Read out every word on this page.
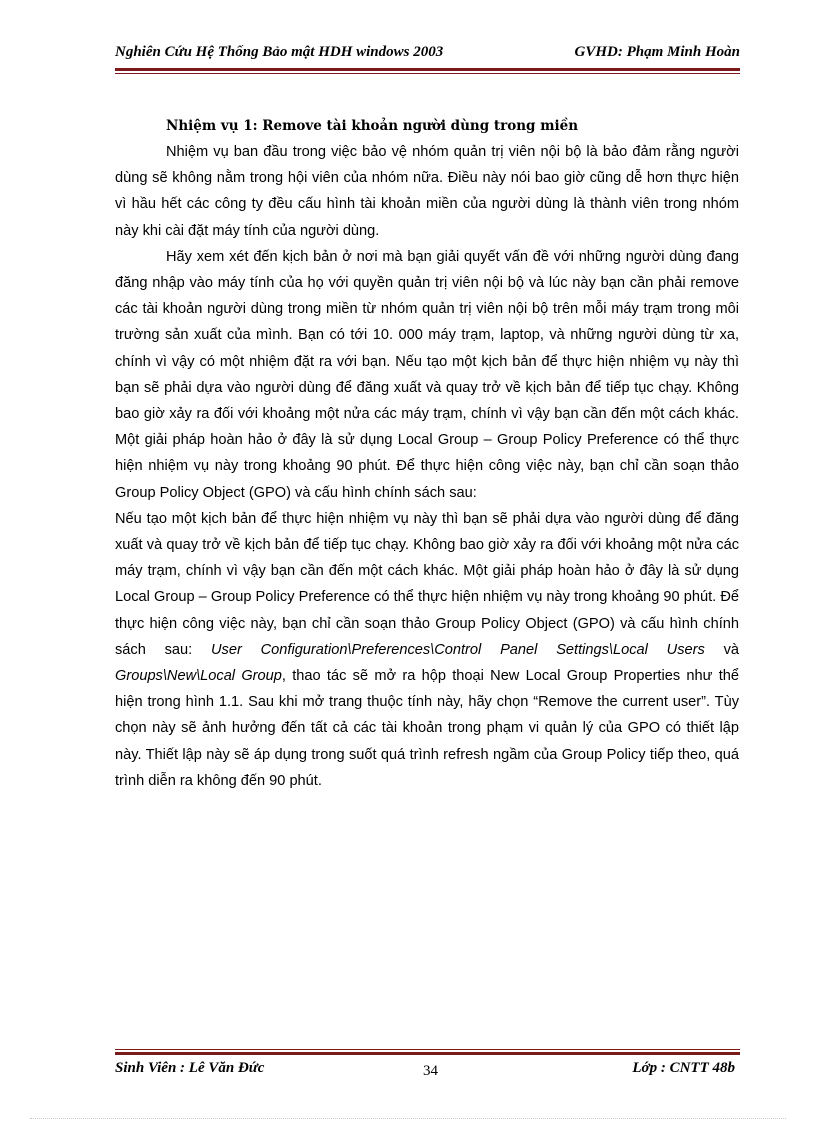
Nghiên Cứu Hệ Thống Bảo mật HDH windows 2003	GVHD: Phạm Minh Hoàn

Nhiệm vụ 1: Remove tài khoản người dùng trong miền

Nhiệm vụ ban đầu trong việc bảo vệ nhóm quản trị viên nội bộ là bảo đảm rằng người dùng sẽ không nằm trong hội viên của nhóm nữa. Điều này nói bao giờ cũng dễ hơn thực hiện vì hầu hết các công ty đều cấu hình tài khoản miền của người dùng là thành viên trong nhóm này khi cài đặt máy tính của người dùng.

Hãy xem xét đến kịch bản ở nơi mà bạn giải quyết vấn đề với những người dùng đang đăng nhập vào máy tính của họ với quyền quản trị viên nội bộ và lúc này bạn cần phải remove các tài khoản người dùng trong miền từ nhóm quản trị viên nội bộ trên mỗi máy trạm trong môi trường sản xuất của mình. Bạn có tới 10. 000 máy trạm, laptop, và những người dùng từ xa, chính vì vậy có một nhiệm đặt ra với bạn. Nếu tạo một kịch bản để thực hiện nhiệm vụ này thì bạn sẽ phải dựa vào người dùng để đăng xuất và quay trở về kịch bản để tiếp tục chạy. Không bao giờ xảy ra đối với khoảng một nửa các máy trạm, chính vì vậy bạn cần đến một cách khác. Một giải pháp hoàn hảo ở đây là sử dụng Local Group – Group Policy Preference có thể thực hiện nhiệm vụ này trong khoảng 90 phút. Để thực hiện công việc này, bạn chỉ cần soạn thảo Group Policy Object (GPO) và cấu hình chính sách sau:

Nếu tạo một kịch bản để thực hiện nhiệm vụ này thì bạn sẽ phải dựa vào người dùng để đăng xuất và quay trở về kịch bản để tiếp tục chạy. Không bao giờ xảy ra đối với khoảng một nửa các máy trạm, chính vì vậy bạn cần đến một cách khác. Một giải pháp hoàn hảo ở đây là sử dụng Local Group – Group Policy Preference có thể thực hiện nhiệm vụ này trong khoảng 90 phút. Để thực hiện công việc này, bạn chỉ cần soạn thảo Group Policy Object (GPO) và cấu hình chính sách sau: User Configuration\Preferences\Control Panel Settings\Local Users và Groups\New\Local Group, thao tác sẽ mở ra hộp thoại New Local Group Properties như thể hiện trong hình 1.1. Sau khi mở trang thuộc tính này, hãy chọn “Remove the current user”. Tùy chọn này sẽ ảnh hưởng đến tất cả các tài khoản trong phạm vi quản lý của GPO có thiết lập này. Thiết lập này sẽ áp dụng trong suốt quá trình refresh ngầm của Group Policy tiếp theo, quá trình diễn ra không đến 90 phút.

Sinh Viên : Lê Văn Đức	34	Lớp : CNTT 48b
